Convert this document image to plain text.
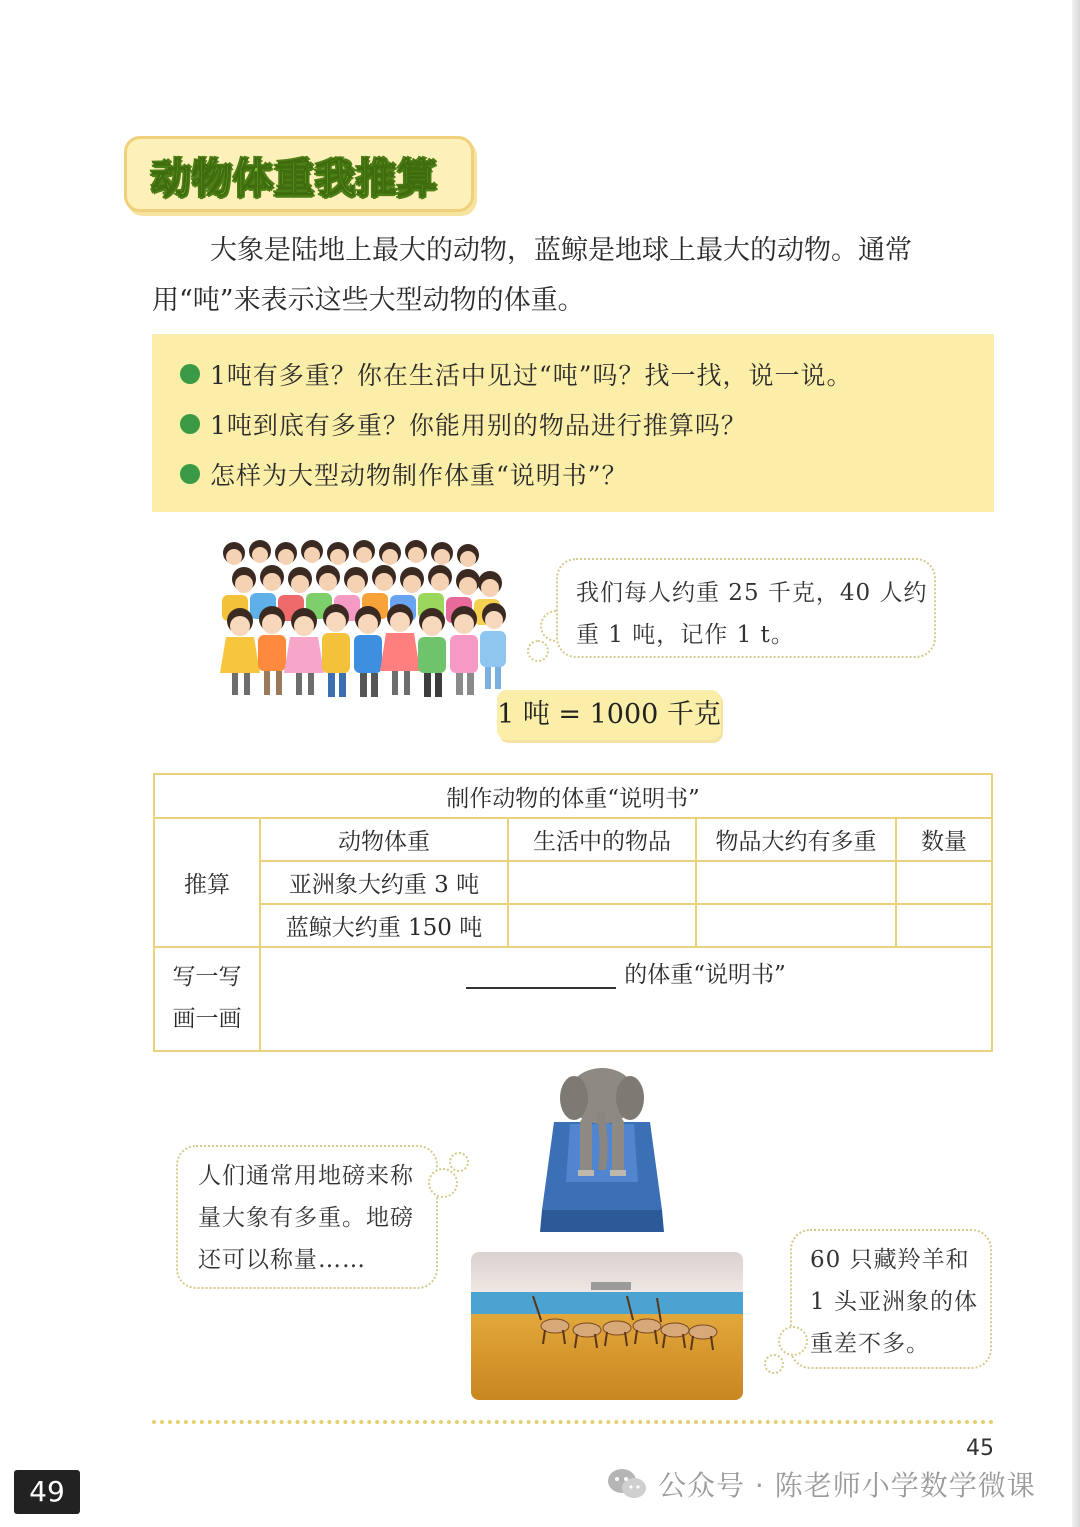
动物体重我推算

大象是陆地上最大的动物，蓝鲸是地球上最大的动物。通常用“吨”来表示这些大型动物的体重。

1吨有多重？你在生活中见过“吨”吗？找一找，说一说。
1吨到底有多重？你能用别的物品进行推算吗？
怎样为大型动物制作体重“说明书”？
我们每人约重 25 千克，40 人约
重 1 吨，记作 1 t。
1 吨 = 1000 千克
制作动物的体重“说明书”				
推算	动物体重	生活中的物品	物品大约有多重	数量
	亚洲象大约重 3 吨			
	蓝鲸大约重 150 吨			

写一写
画一画	的体重“说明书”			
人们通常用地磅来称
量大象有多重。地磅
还可以称量……	60 只藏羚羊和
1 头亚洲象的体
重差不多。
45
49	公众号 · 陈老师小学数学微课
